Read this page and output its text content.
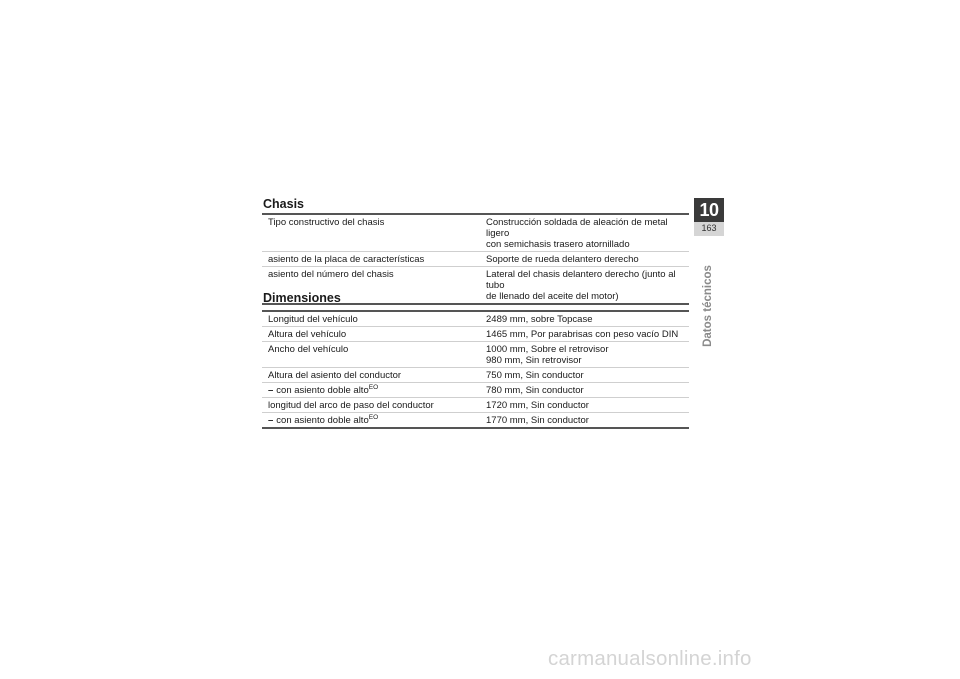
Chasis
Tipo constructivo del chasis	Construcción soldada de aleación de metal ligero
con semichasis trasero atornillado

asiento de la placa de características	Soporte de rueda delantero derecho

asiento del número del chasis	Lateral del chasis delantero derecho (junto al tubo
de llenado del aceite del motor)
Dimensiones
Longitud del vehículo	2489 mm, sobre Topcase

Altura del vehículo	1465 mm, Por parabrisas con peso vacío DIN

Ancho del vehículo	1000 mm, Sobre el retrovisor
980 mm, Sin retrovisor

Altura del asiento del conductor	750 mm, Sin conductor

– con asiento doble alto$^{EO}$	780 mm, Sin conductor

longitud del arco de paso del conductor	1720 mm, Sin conductor

– con asiento doble alto$^{EO}$	1770 mm, Sin conductor
10
163
Datos técnicos
carmanualsonline.info
